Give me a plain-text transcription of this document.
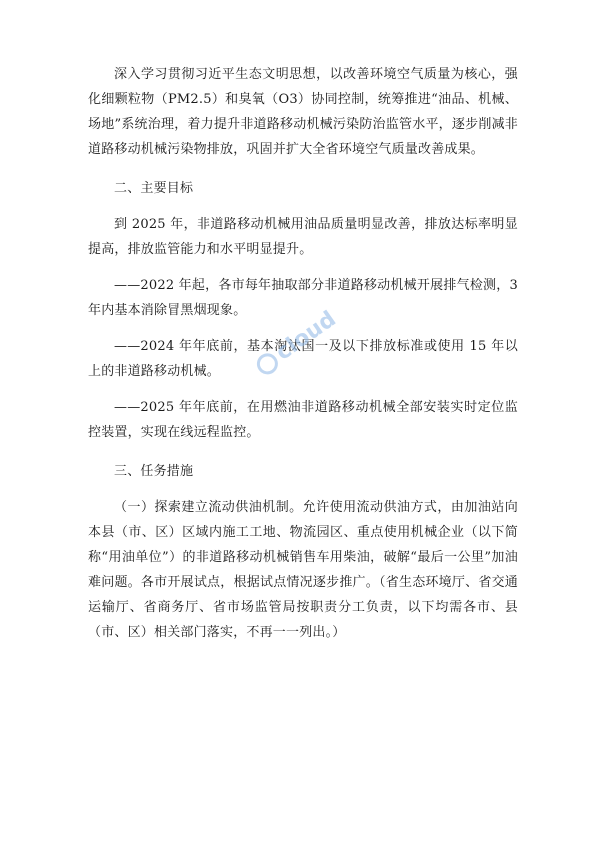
深入学习贯彻习近平生态文明思想，以改善环境空气质量为核心，强化细颗粒物（PM2.5）和臭氧（O3）协同控制，统筹推进“油品、机械、场地”系统治理，着力提升非道路移动机械污染防治监管水平，逐步削减非道路移动机械污染物排放，巩固并扩大全省环境空气质量改善成果。

二、主要目标

到 2025 年，非道路移动机械用油品质量明显改善，排放达标率明显提高，排放监管能力和水平明显提升。

——2022 年起，各市每年抽取部分非道路移动机械开展排气检测，3 年内基本消除冒黑烟现象。

——2024 年年底前，基本淘汰国一及以下排放标准或使用 15 年以上的非道路移动机械。

——2025 年年底前，在用燃油非道路移动机械全部安装实时定位监控装置，实现在线远程监控。

三、任务措施

（一）探索建立流动供油机制。允许使用流动供油方式，由加油站向本县（市、区）区域内施工工地、物流园区、重点使用机械企业（以下简称“用油单位”）的非道路移动机械销售车用柴油，破解“最后一公里”加油难问题。各市开展试点，根据试点情况逐步推广。（省生态环境厅、省交通运输厅、省商务厅、省市场监管局按职责分工负责，以下均需各市、县（市、区）相关部门落实，不再一一列出。）

cloud
